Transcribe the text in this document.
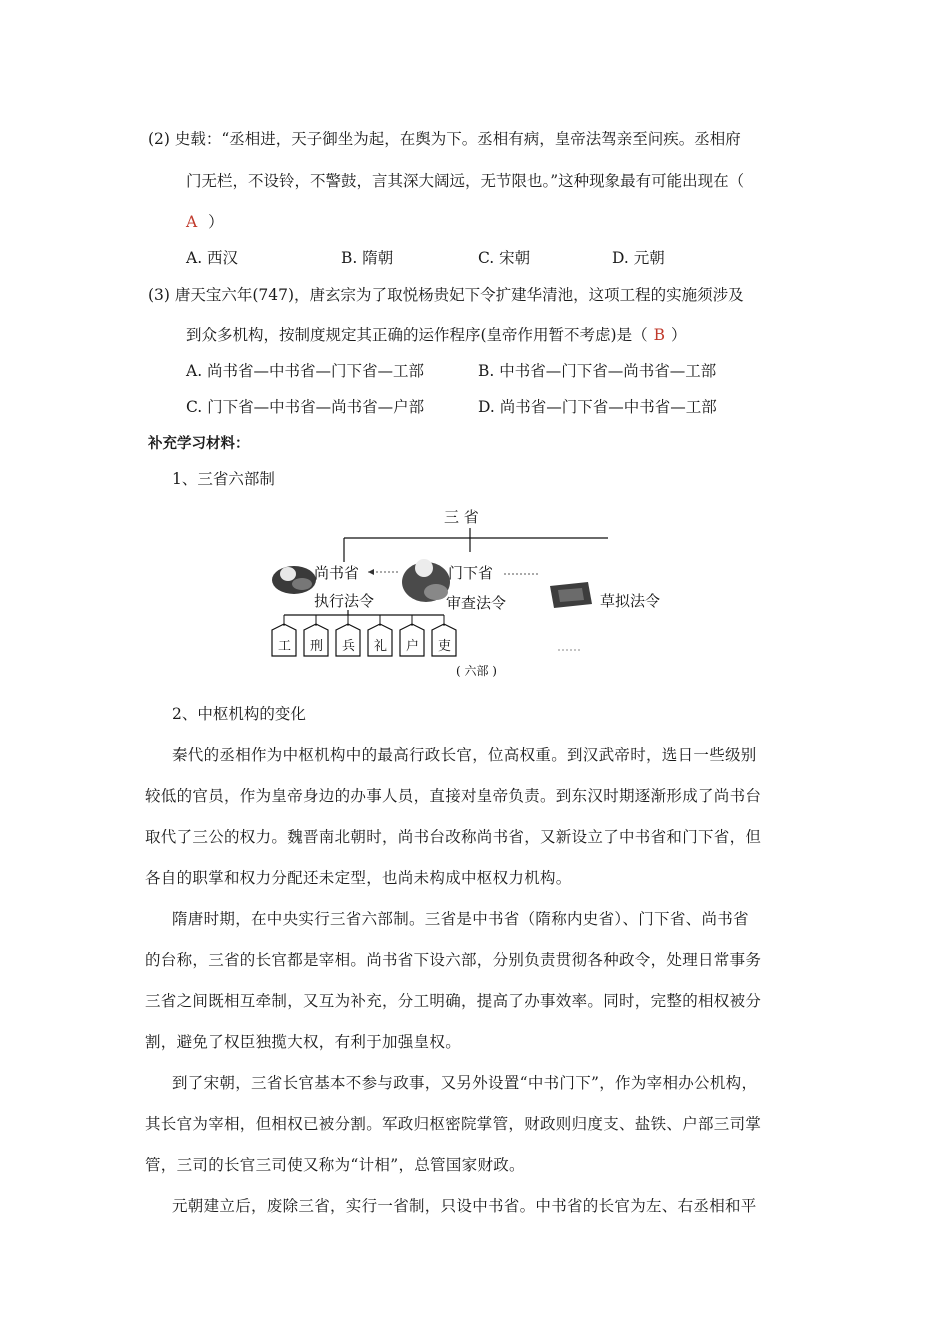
(2) 史载：“丞相进，天子御坐为起，在舆为下。丞相有病，皇帝法驾亲至问疾。丞相府
门无栏，不设铃，不警鼓，言其深大阔远，无节限也。”这种现象最有可能出现在（
A ）
A. 西汉	B. 隋朝	C. 宋朝	D. 元朝
(3) 唐天宝六年(747)，唐玄宗为了取悦杨贵妃下令扩建华清池，这项工程的实施须涉及
到众多机构，按制度规定其正确的运作程序(皇帝作用暂不考虑)是（ B ）
A. 尚书省—中书省—门下省—工部	B. 中书省—门下省—尚书省—工部
C. 门下省—中书省—尚书省—户部	D. 尚书省—门下省—中书省—工部
补充学习材料：
1、三省六部制
三 省
尚书省	门下省
执行法令	审查法令	草拟法令
工 刑 兵 礼 户 吏
( 六部 )
2、中枢机构的变化
秦代的丞相作为中枢机构中的最高行政长官，位高权重。到汉武帝时，选日一些级别
较低的官员，作为皇帝身边的办事人员，直接对皇帝负责。到东汉时期逐渐形成了尚书台
取代了三公的权力。魏晋南北朝时，尚书台改称尚书省，又新设立了中书省和门下省，但
各自的职掌和权力分配还未定型，也尚未构成中枢权力机构。
隋唐时期，在中央实行三省六部制。三省是中书省（隋称内史省）、门下省、尚书省
的台称，三省的长官都是宰相。尚书省下设六部，分别负责贯彻各种政令，处理日常事务
三省之间既相互牵制，又互为补充，分工明确，提高了办事效率。同时，完整的相权被分
割，避免了权臣独揽大权，有利于加强皇权。
到了宋朝，三省长官基本不参与政事，又另外设置“中书门下”，作为宰相办公机构，
其长官为宰相，但相权已被分割。军政归枢密院掌管，财政则归度支、盐铁、户部三司掌
管，三司的长官三司使又称为“计相”，总管国家财政。
元朝建立后，废除三省，实行一省制，只设中书省。中书省的长官为左、右丞相和平
